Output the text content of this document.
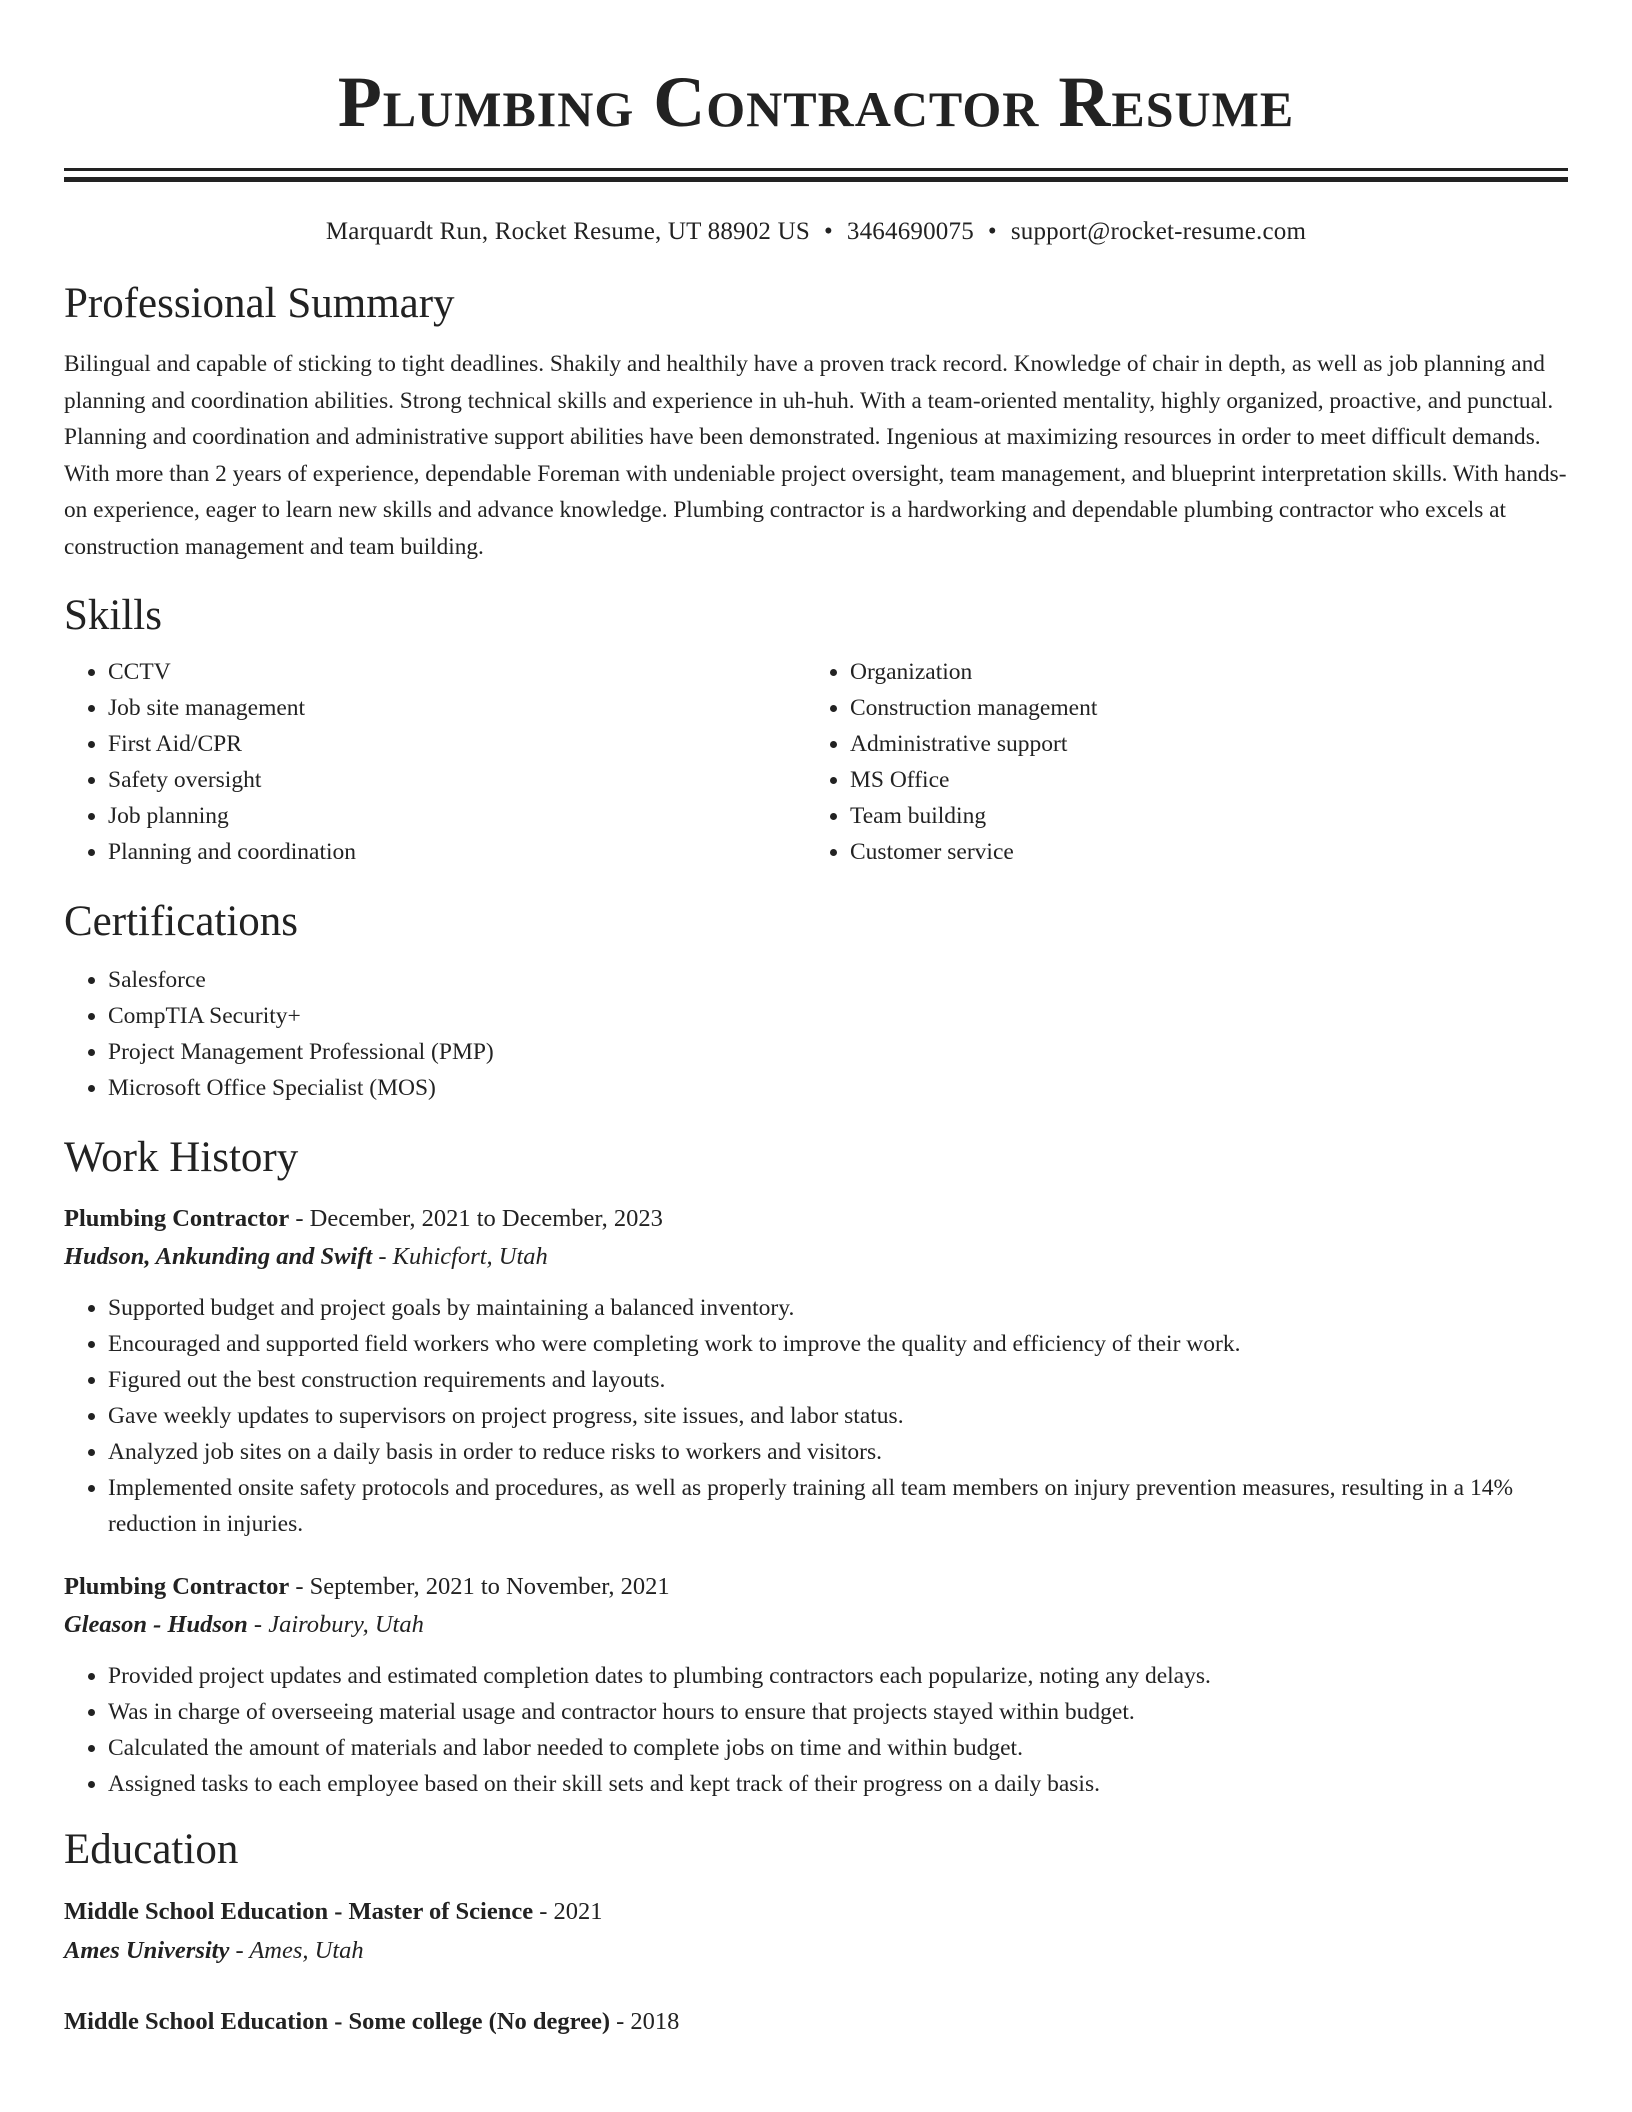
Plumbing Contractor Resume
Marquardt Run, Rocket Resume, UT 88902 US • 3464690075 • support@rocket-resume.com
Professional Summary
Bilingual and capable of sticking to tight deadlines. Shakily and healthily have a proven track record. Knowledge of chair in depth, as well as job planning and planning and coordination abilities. Strong technical skills and experience in uh-huh. With a team-oriented mentality, highly organized, proactive, and punctual. Planning and coordination and administrative support abilities have been demonstrated. Ingenious at maximizing resources in order to meet difficult demands. With more than 2 years of experience, dependable Foreman with undeniable project oversight, team management, and blueprint interpretation skills. With hands-on experience, eager to learn new skills and advance knowledge. Plumbing contractor is a hardworking and dependable plumbing contractor who excels at construction management and team building.
Skills
• CCTV
• Job site management
• First Aid/CPR
• Safety oversight
• Job planning
• Planning and coordination
• Organization
• Construction management
• Administrative support
• MS Office
• Team building
• Customer service
Certifications
• Salesforce
• CompTIA Security+
• Project Management Professional (PMP)
• Microsoft Office Specialist (MOS)
Work History
Plumbing Contractor - December, 2021 to December, 2023
Hudson, Ankunding and Swift - Kuhicfort, Utah
• Supported budget and project goals by maintaining a balanced inventory.
• Encouraged and supported field workers who were completing work to improve the quality and efficiency of their work.
• Figured out the best construction requirements and layouts.
• Gave weekly updates to supervisors on project progress, site issues, and labor status.
• Analyzed job sites on a daily basis in order to reduce risks to workers and visitors.
• Implemented onsite safety protocols and procedures, as well as properly training all team members on injury prevention measures, resulting in a 14% reduction in injuries.
Plumbing Contractor - September, 2021 to November, 2021
Gleason - Hudson - Jairobury, Utah
• Provided project updates and estimated completion dates to plumbing contractors each popularize, noting any delays.
• Was in charge of overseeing material usage and contractor hours to ensure that projects stayed within budget.
• Calculated the amount of materials and labor needed to complete jobs on time and within budget.
• Assigned tasks to each employee based on their skill sets and kept track of their progress on a daily basis.
Education
Middle School Education - Master of Science - 2021
Ames University - Ames, Utah
Middle School Education - Some college (No degree) - 2018
